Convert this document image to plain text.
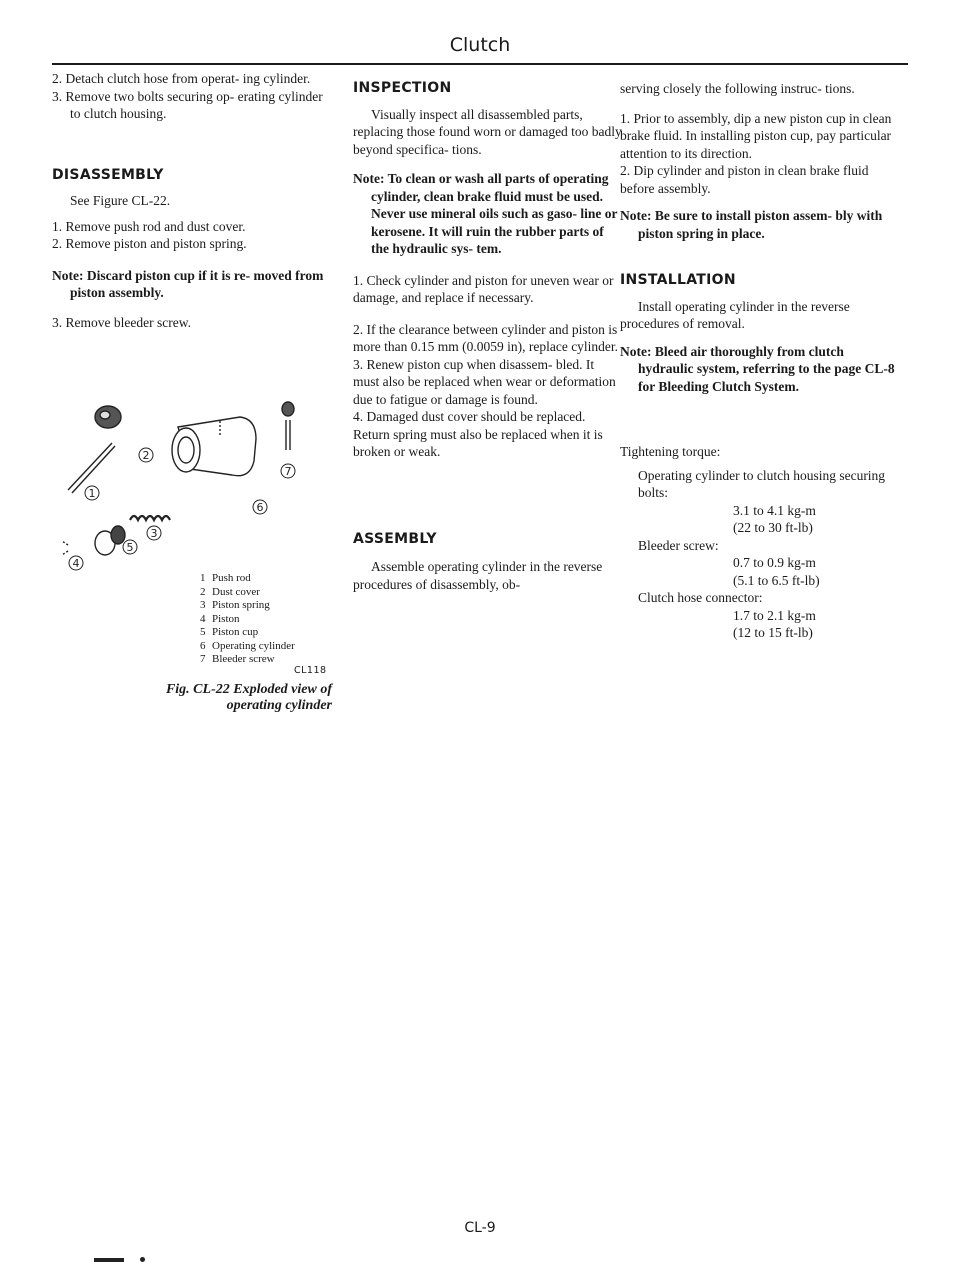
Clutch

2. Detach clutch hose from operat- ing cylinder.

3. Remove two bolts securing op- erating cylinder to clutch housing.

DISASSEMBLY

See Figure CL-22.

1. Remove push rod and dust cover.

2. Remove piston and piston spring.

Note: Discard piston cup if it is re- moved from piston assembly.

3. Remove bleeder screw.

1
2
3
4
5
6
7
1 Push rod
2 Dust cover
3 Piston spring
4 Piston
5 Piston cup
6 Operating cylinder
7 Bleeder screw
CL118
Fig. CL-22 Exploded view of
operating cylinder

INSPECTION

Visually inspect all disassembled parts, replacing those found worn or damaged too badly beyond specifica- tions.

Note: To clean or wash all parts of operating cylinder, clean brake fluid must be used.

Never use mineral oils such as gaso- line or kerosene. It will ruin the rubber parts of the hydraulic sys- tem.

1. Check cylinder and piston for uneven wear or damage, and replace if necessary.

2. If the clearance between cylinder and piston is more than 0.15 mm (0.0059 in), replace cylinder.

3. Renew piston cup when disassem- bled. It must also be replaced when wear or deformation due to fatigue or damage is found.

4. Damaged dust cover should be replaced. Return spring must also be replaced when it is broken or weak.

ASSEMBLY

Assemble operating cylinder in the reverse procedures of disassembly, ob-

serving closely the following instruc- tions.

1. Prior to assembly, dip a new piston cup in clean brake fluid. In installing piston cup, pay particular attention to its direction.

2. Dip cylinder and piston in clean brake fluid before assembly.

Note: Be sure to install piston assem- bly with piston spring in place.

INSTALLATION

Install operating cylinder in the reverse procedures of removal.

Note: Bleed air thoroughly from clutch hydraulic system, referring to the page CL-8 for Bleeding Clutch System.

Tightening torque:

Operating cylinder to clutch housing securing bolts:

3.1 to 4.1 kg-m

(22 to 30 ft-lb)

Bleeder screw:

0.7 to 0.9 kg-m

(5.1 to 6.5 ft-lb)

Clutch hose connector:

1.7 to 2.1 kg-m

(12 to 15 ft-lb)

CL-9
